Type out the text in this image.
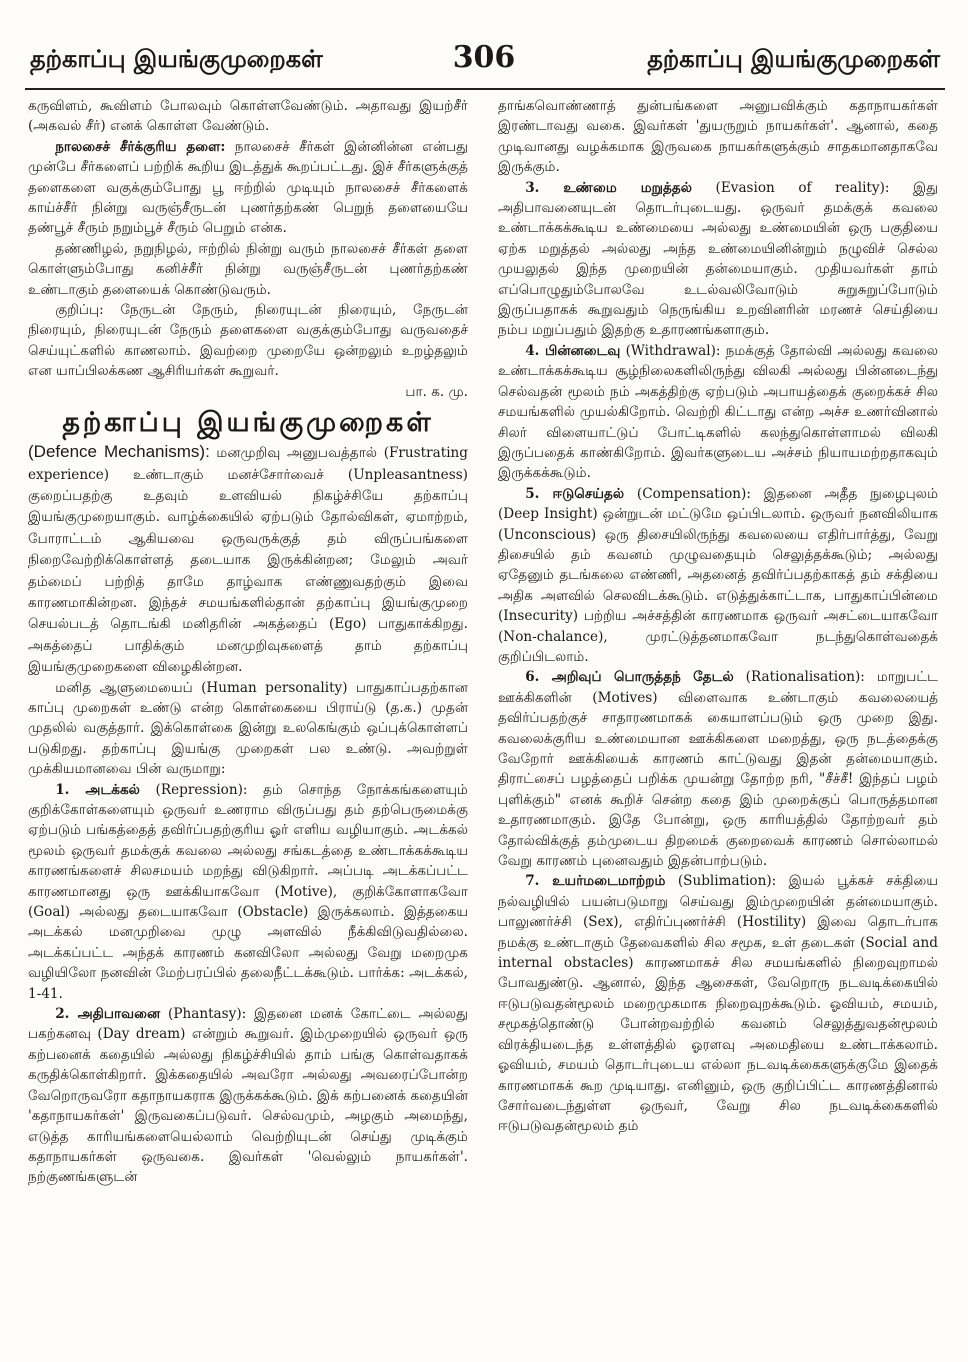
தற்காப்பு இயங்குமுறைகள்	306	தற்காப்பு இயங்குமுறைகள்

கருவிளம், கூவிளம் போலவும் கொள்ளவேண்டும். அதாவது இயற்சீர் (அகவல் சீர்) எனக் கொள்ள வேண்டும்.

நாலசைச் சீர்க்குரிய தளை: நாலசைச் சீர்கள் இன்னின்ன என்பது முன்பே சீர்களைப் பற்றிக் கூறிய இடத்துக் கூறப்பட்டது. இச் சீர்களுக்குத் தளைகளை வகுக்கும்போது பூ ஈற்றில் முடியும் நாலசைச் சீர்களைக் காய்ச்சீர் நின்று வருஞ்சீருடன் புணர்தற்கண் பெறுந் தளையையே தண்பூச் சீரும் நறும்பூச் சீரும் பெறும் என்க.

தண்ணிழல், நறுநிழல், ஈற்றில் நின்று வரும் நாலசைச் சீர்கள் தளை கொள்ளும்போது கனிச்சீர் நின்று வருஞ்சீருடன் புணர்தற்கண் உண்டாகும் தளையைக் கொண்டுவரும்.

குறிப்பு: நேருடன் நேரும், நிரையுடன் நிரையும், நேருடன் நிரையும், நிரையுடன் நேரும் தளைகளை வகுக்கும்போது வருவதைச் செய்யுட்களில் காணலாம். இவற்றை முறையே ஒன்றலும் உறழ்தலும் என யாப்பிலக்கண ஆசிரியர்கள் கூறுவர்.

பா. க. மு.

தற்காப்பு இயங்குமுறைகள்

(Defence Mechanisms): மனமுறிவு அனுபவத்தால் (Frustrating experience) உண்டாகும் மனச்சோர்வைச் (Unpleasantness) குறைப்பதற்கு உதவும் உளவியல் நிகழ்ச்சியே தற்காப்பு இயங்குமுறையாகும். வாழ்க்கையில் ஏற்படும் தோல்விகள், ஏமாற்றம், போராட்டம் ஆகியவை ஒருவருக்குத் தம் விருப்பங்களை நிறைவேற்றிக்கொள்ளத் தடையாக இருக்கின்றன; மேலும் அவர் தம்மைப் பற்றித் தாமே தாழ்வாக எண்ணுவதற்கும் இவை காரணமாகின்றன. இந்தச் சமயங்களில்தான் தற்காப்பு இயங்குமுறை செயல்படத் தொடங்கி மனிதரின் அகத்தைப் (Ego) பாதுகாக்கிறது. அகத்தைப் பாதிக்கும் மனமுறிவுகளைத் தாம் தற்காப்பு இயங்குமுறைகளை விழைகின்றன.

மனித ஆளுமையைப் (Human personality) பாதுகாப்பதற்கான காப்பு முறைகள் உண்டு என்ற கொள்கையை பிராய்டு (த.க.) முதன் முதலில் வகுத்தார். இக்கொள்கை இன்று உலகெங்கும் ஒப்புக்கொள்ளப் படுகிறது. தற்காப்பு இயங்கு முறைகள் பல உண்டு. அவற்றுள் முக்கியமானவை பின் வருமாறு:

1. அடக்கல் (Repression): தம் சொந்த நோக்கங்களையும் குறிக்கோள்களையும் ஒருவர் உணராம விருப்பது தம் தற்பெருமைக்கு ஏற்படும் பங்கத்தைத் தவிர்ப்பதற்குரிய ஓர் எளிய வழியாகும். அடக்கல் மூலம் ஒருவர் தமக்குக் கவலை அல்லது சங்கடத்தை உண்டாக்கக்கூடிய காரணங்களைச் சிலசமயம் மறந்து விடுகிறார். அப்படி அடக்கப்பட்ட காரணமானது ஒரு ஊக்கியாகவோ (Motive), குறிக்கோளாகவோ (Goal) அல்லது தடையாகவோ (Obstacle) இருக்கலாம். இத்தகைய அடக்கல் மனமுறிவை முழு அளவில் நீக்கிவிடுவதில்லை. அடக்கப்பட்ட அந்தக் காரணம் கனவிலோ அல்லது வேறு மறைமுக வழியிலோ நனவின் மேற்பரப்பில் தலைநீட்டக்கூடும். பார்க்க: அடக்கல், 1-41.

2. அதிபாவனை (Phantasy): இதனை மனக் கோட்டை அல்லது பகற்கனவு (Day dream) என்றும் கூறுவர். இம்முறையில் ஒருவர் ஒரு கற்பனைக் கதையில் அல்லது நிகழ்ச்சியில் தாம் பங்கு கொள்வதாகக் கருதிக்கொள்கிறார். இக்கதையில் அவரோ அல்லது அவரைப்போன்ற வேறொருவரோ கதாநாயகராக இருக்கக்கூடும். இக் கற்பனைக் கதையின் 'கதாநாயகர்கள்' இருவகைப்படுவர். செல்வமும், அழகும் அமைந்து, எடுத்த காரியங்களையெல்லாம் வெற்றியுடன் செய்து முடிக்கும் கதாநாயகர்கள் ஒருவகை. இவர்கள் 'வெல்லும் நாயகர்கள்'. நற்குணங்களுடன்

தாங்கவொண்ணாத் துன்பங்களை அனுபவிக்கும் கதாநாயகர்கள் இரண்டாவது வகை. இவர்கள் 'துயருறும் நாயகர்கள்'. ஆனால், கதை முடிவானது வழக்கமாக இருவகை நாயகர்களுக்கும் சாதகமானதாகவே இருக்கும்.

3. உண்மை மறுத்தல் (Evasion of reality): இது அதிபாவனையுடன் தொடர்புடையது. ஒருவர் தமக்குக் கவலை உண்டாக்கக்கூடிய உண்மையை அல்லது உண்மையின் ஒரு பகுதியை ஏற்க மறுத்தல் அல்லது அந்த உண்மையினின்றும் நழுவிச் செல்ல முயலுதல் இந்த முறையின் தன்மையாகும். முதியவர்கள் தாம் எப்பொழுதும்போலவே உடல்வலிவோடும் சுறுசுறுப்போடும் இருப்பதாகக் கூறுவதும் நெருங்கிய உறவினரின் மரணச் செய்தியை நம்ப மறுப்பதும் இதற்கு உதாரணங்களாகும்.

4. பின்னடைவு (Withdrawal): நமக்குத் தோல்வி அல்லது கவலை உண்டாக்கக்கூடிய சூழ்நிலைகளிலிருந்து விலகி அல்லது பின்னடைந்து செல்வதன் மூலம் நம் அகத்திற்கு ஏற்படும் அபாயத்தைக் குறைக்கச் சில சமயங்களில் முயல்கிறோம். வெற்றி கிட்டாது என்ற அச்ச உணர்வினால் சிலர் விளையாட்டுப் போட்டிகளில் கலந்துகொள்ளாமல் விலகி இருப்பதைக் காண்கிறோம். இவர்களுடைய அச்சம் நியாயமற்றதாகவும் இருக்கக்கூடும்.

5. ஈடுசெய்தல் (Compensation): இதனை அதீத நுழைபுலம் (Deep Insight) ஒன்றுடன் மட்டுமே ஒப்பிடலாம். ஒருவர் நனவிலியாக (Unconscious) ஒரு திசையிலிருந்து கவலையை எதிர்பார்த்து, வேறு திசையில் தம் கவனம் முழுவதையும் செலுத்தக்கூடும்; அல்லது ஏதேனும் தடங்கலை எண்ணி, அதனைத் தவிர்ப்பதற்காகத் தம் சக்தியை அதிக அளவில் செலவிடக்கூடும். எடுத்துக்காட்டாக, பாதுகாப்பின்மை (Insecurity) பற்றிய அச்சத்தின் காரணமாக ஒருவர் அசட்டையாகவோ (Non-chalance), முரட்டுத்தனமாகவோ நடந்துகொள்வதைக் குறிப்பிடலாம்.

6. அறிவுப் பொருத்தந் தேடல் (Rationalisation): மாறுபட்ட ஊக்கிகளின் (Motives) விளைவாக உண்டாகும் கவலையைத் தவிர்ப்பதற்குச் சாதாரணமாகக் கையாளப்படும் ஒரு முறை இது. கவலைக்குரிய உண்மையான ஊக்கிகளை மறைத்து, ஒரு நடத்தைக்கு வேறோர் ஊக்கியைக் காரணம் காட்டுவது இதன் தன்மையாகும். திராட்சைப் பழத்தைப் பறிக்க முயன்று தோற்ற நரி, "சீச்சீ! இந்தப் பழம் புளிக்கும்" எனக் கூறிச் சென்ற கதை இம் முறைக்குப் பொருத்தமான உதாரணமாகும். இதே போன்று, ஒரு காரியத்தில் தோற்றவர் தம் தோல்விக்குத் தம்முடைய திறமைக் குறைவைக் காரணம் சொல்லாமல் வேறு காரணம் புனைவதும் இதன்பாற்படும்.

7. உயர்மடைமாற்றம் (Sublimation): இயல் பூக்கச் சக்தியை நல்வழியில் பயன்படுமாறு செய்வது இம்முறையின் தன்மையாகும். பாலுணர்ச்சி (Sex), எதிர்ப்புணர்ச்சி (Hostility) இவை தொடர்பாக நமக்கு உண்டாகும் தேவைகளில் சில சமூக, உள் தடைகள் (Social and internal obstacles) காரணமாகச் சில சமயங்களில் நிறைவுறாமல் போவதுண்டு. ஆனால், இந்த ஆசைகள், வேறொரு நடவடிக்கையில் ஈடுபடுவதன்மூலம் மறைமுகமாக நிறைவுறக்கூடும். ஓவியம், சமயம், சமூகத்தொண்டு போன்றவற்றில் கவனம் செலுத்துவதன்மூலம் விரக்தியடைந்த உள்ளத்தில் ஓரளவு அமைதியை உண்டாக்கலாம். ஓவியம், சமயம் தொடர்புடைய எல்லா நடவடிக்கைகளுக்குமே இதைக் காரணமாகக் கூற முடியாது. எனினும், ஒரு குறிப்பிட்ட காரணத்தினால் சோர்வடைந்துள்ள ஒருவர், வேறு சில நடவடிக்கைகளில் ஈடுபடுவதன்மூலம் தம்
